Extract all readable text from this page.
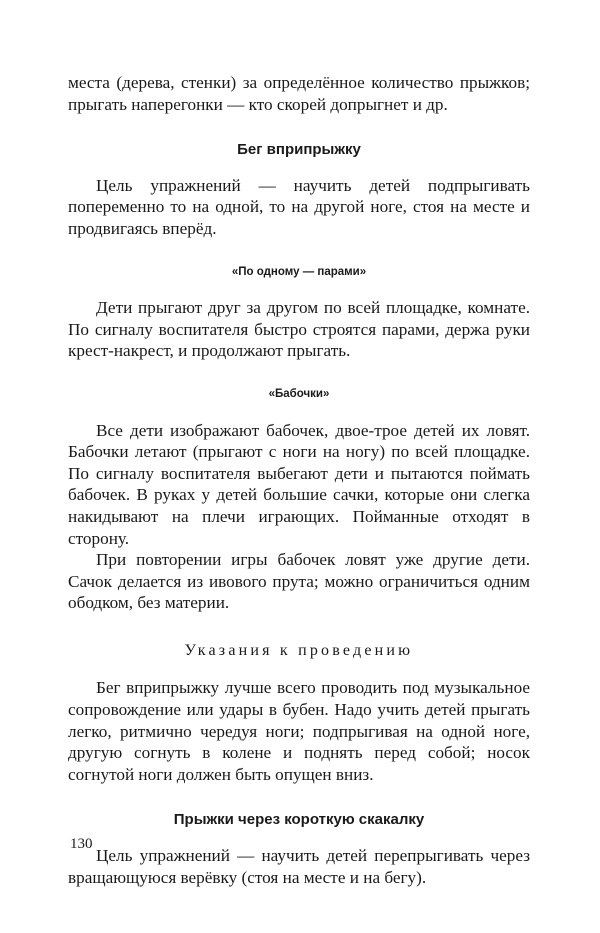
места (дерева, стенки) за определённое количество прыжков; прыгать наперегонки — кто скорей допрыгнет и др.

Бег вприпрыжку

Цель упражнений — научить детей подпрыгивать попеременно то на одной, то на другой ноге, стоя на месте и продвигаясь вперёд.

«По одному — парами»

Дети прыгают друг за другом по всей площадке, комнате. По сигналу воспитателя быстро строятся парами, держа руки крест-накрест, и продолжают прыгать.

«Бабочки»

Все дети изображают бабочек, двое-трое детей их ловят. Бабочки летают (прыгают с ноги на ногу) по всей площадке. По сигналу воспитателя выбегают дети и пытаются поймать бабочек. В руках у детей большие сачки, которые они слегка накидывают на плечи играющих. Пойманные отходят в сторону.

При повторении игры бабочек ловят уже другие дети. Сачок делается из ивового прута; можно ограничиться одним ободком, без материи.

Указания к проведению

Бег вприпрыжку лучше всего проводить под музыкальное сопровождение или удары в бубен. Надо учить детей прыгать легко, ритмично чередуя ноги; подпрыгивая на одной ноге, другую согнуть в колене и поднять перед собой; носок согнутой ноги должен быть опущен вниз.

Прыжки через короткую скакалку

Цель упражнений — научить детей перепрыгивать через вращающуюся верёвку (стоя на месте и на бегу).

130
